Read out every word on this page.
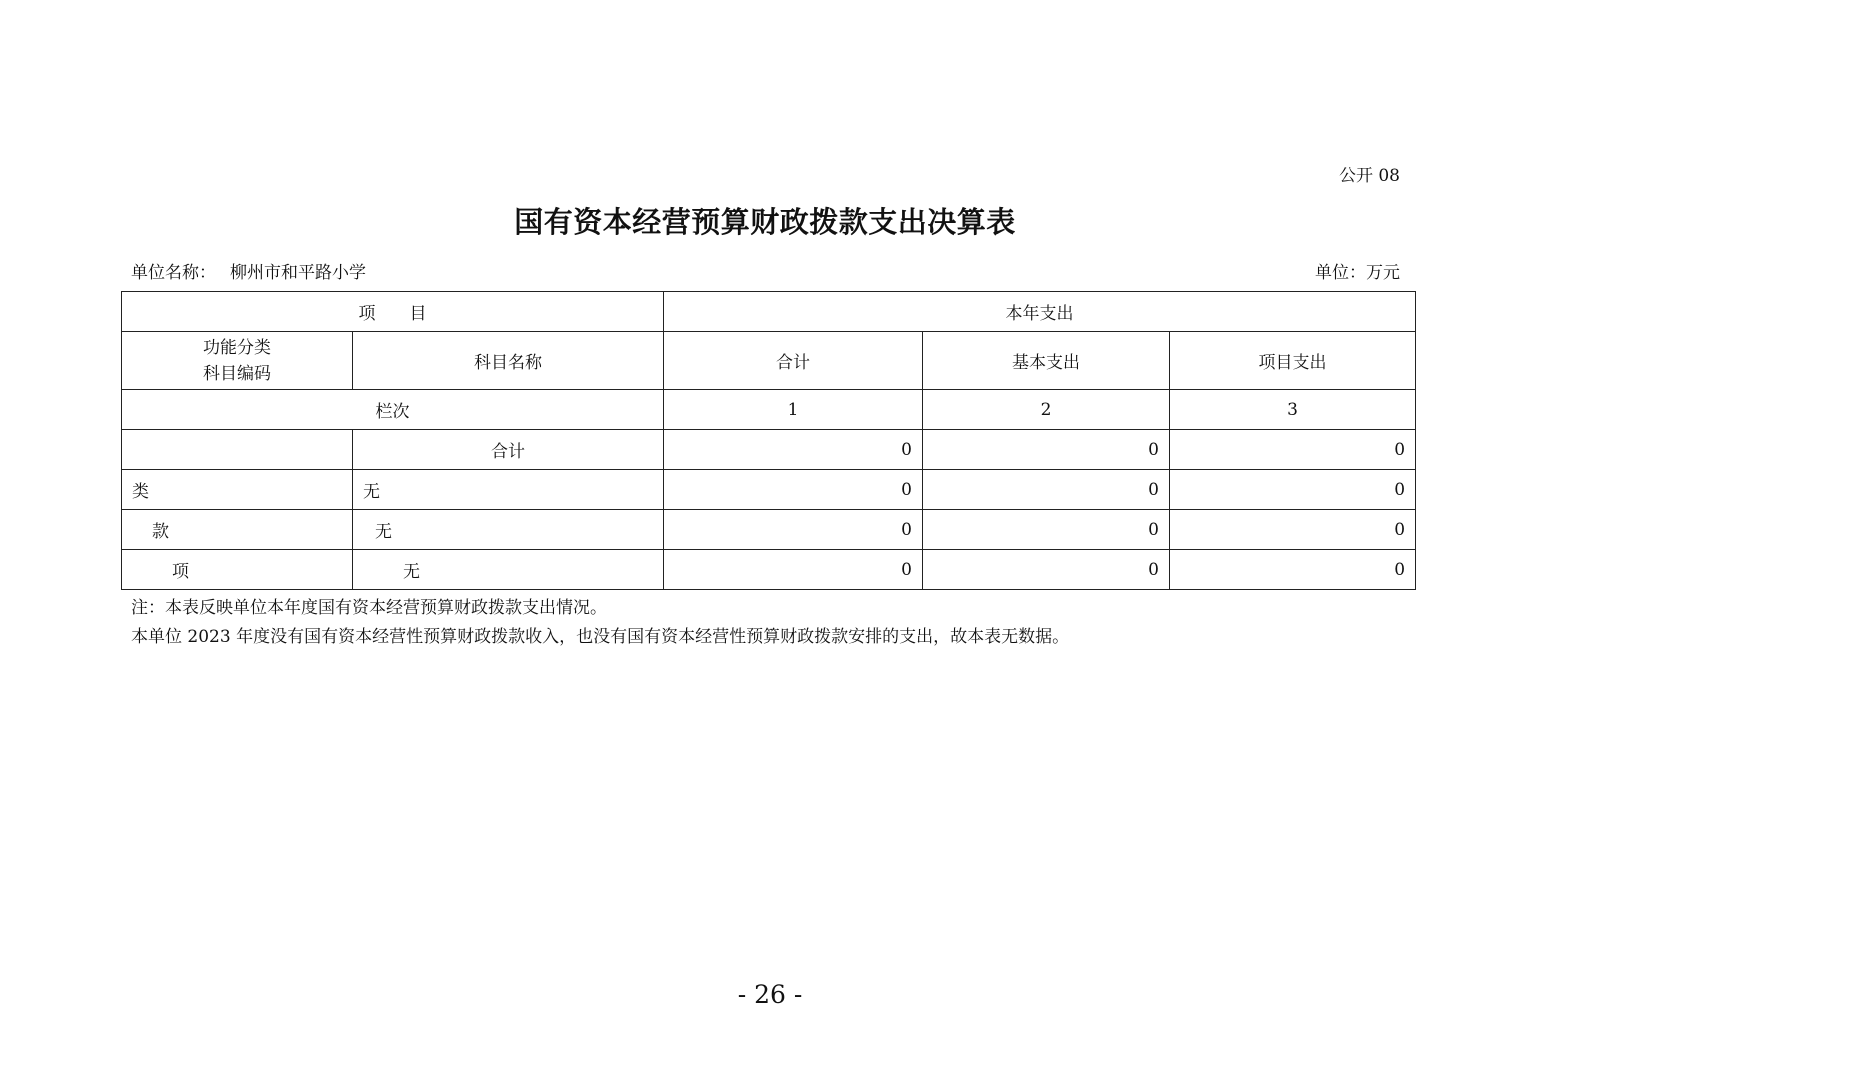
公开 08
国有资本经营预算财政拨款支出决算表
单位名称： 柳州市和平路小学	单位：万元
项　　目		本年支出		
功能分类
科目编码	科目名称	合计	基本支出	项目支出
栏次		1	2	3
	合计	0	0	0
类	无	0	0	0
款	无	0	0	0
项	无	0	0	0
注：本表反映单位本年度国有资本经营预算财政拨款支出情况。
本单位 2023 年度没有国有资本经营性预算财政拨款收入，也没有国有资本经营性预算财政拨款安排的支出，故本表无数据。
- 26 -
